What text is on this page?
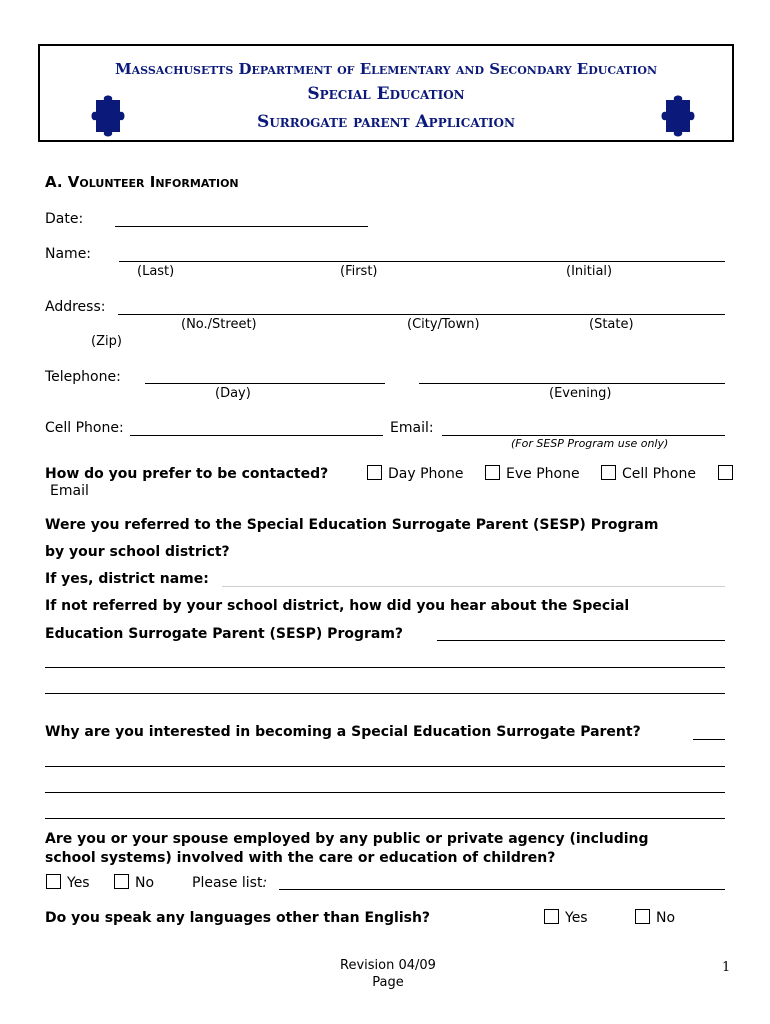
Massachusetts Department of Elementary and Secondary Education
Special Education
Surrogate parent Application
A. Volunteer Information
Date:
Name:
(Last)	(First)	(Initial)
Address:
(No./Street)	(City/Town)	(State)
(Zip)
Telephone:
(Day)	(Evening)
Cell Phone:	Email:
(For SESP Program use only)
How do you prefer to be contacted?	Day Phone	Eve Phone	Cell Phone
Email
Were you referred to the Special Education Surrogate Parent (SESP) Program
by your school district?
If yes, district name:
If not referred by your school district, how did you hear about the Special
Education Surrogate Parent (SESP) Program?
Why are you interested in becoming a Special Education Surrogate Parent?
Are you or your spouse employed by any public or private agency (including
school systems) involved with the care or education of children?
Yes	No	Please list:
Do you speak any languages other than English?	Yes	No
Revision 04/09
Page
1
